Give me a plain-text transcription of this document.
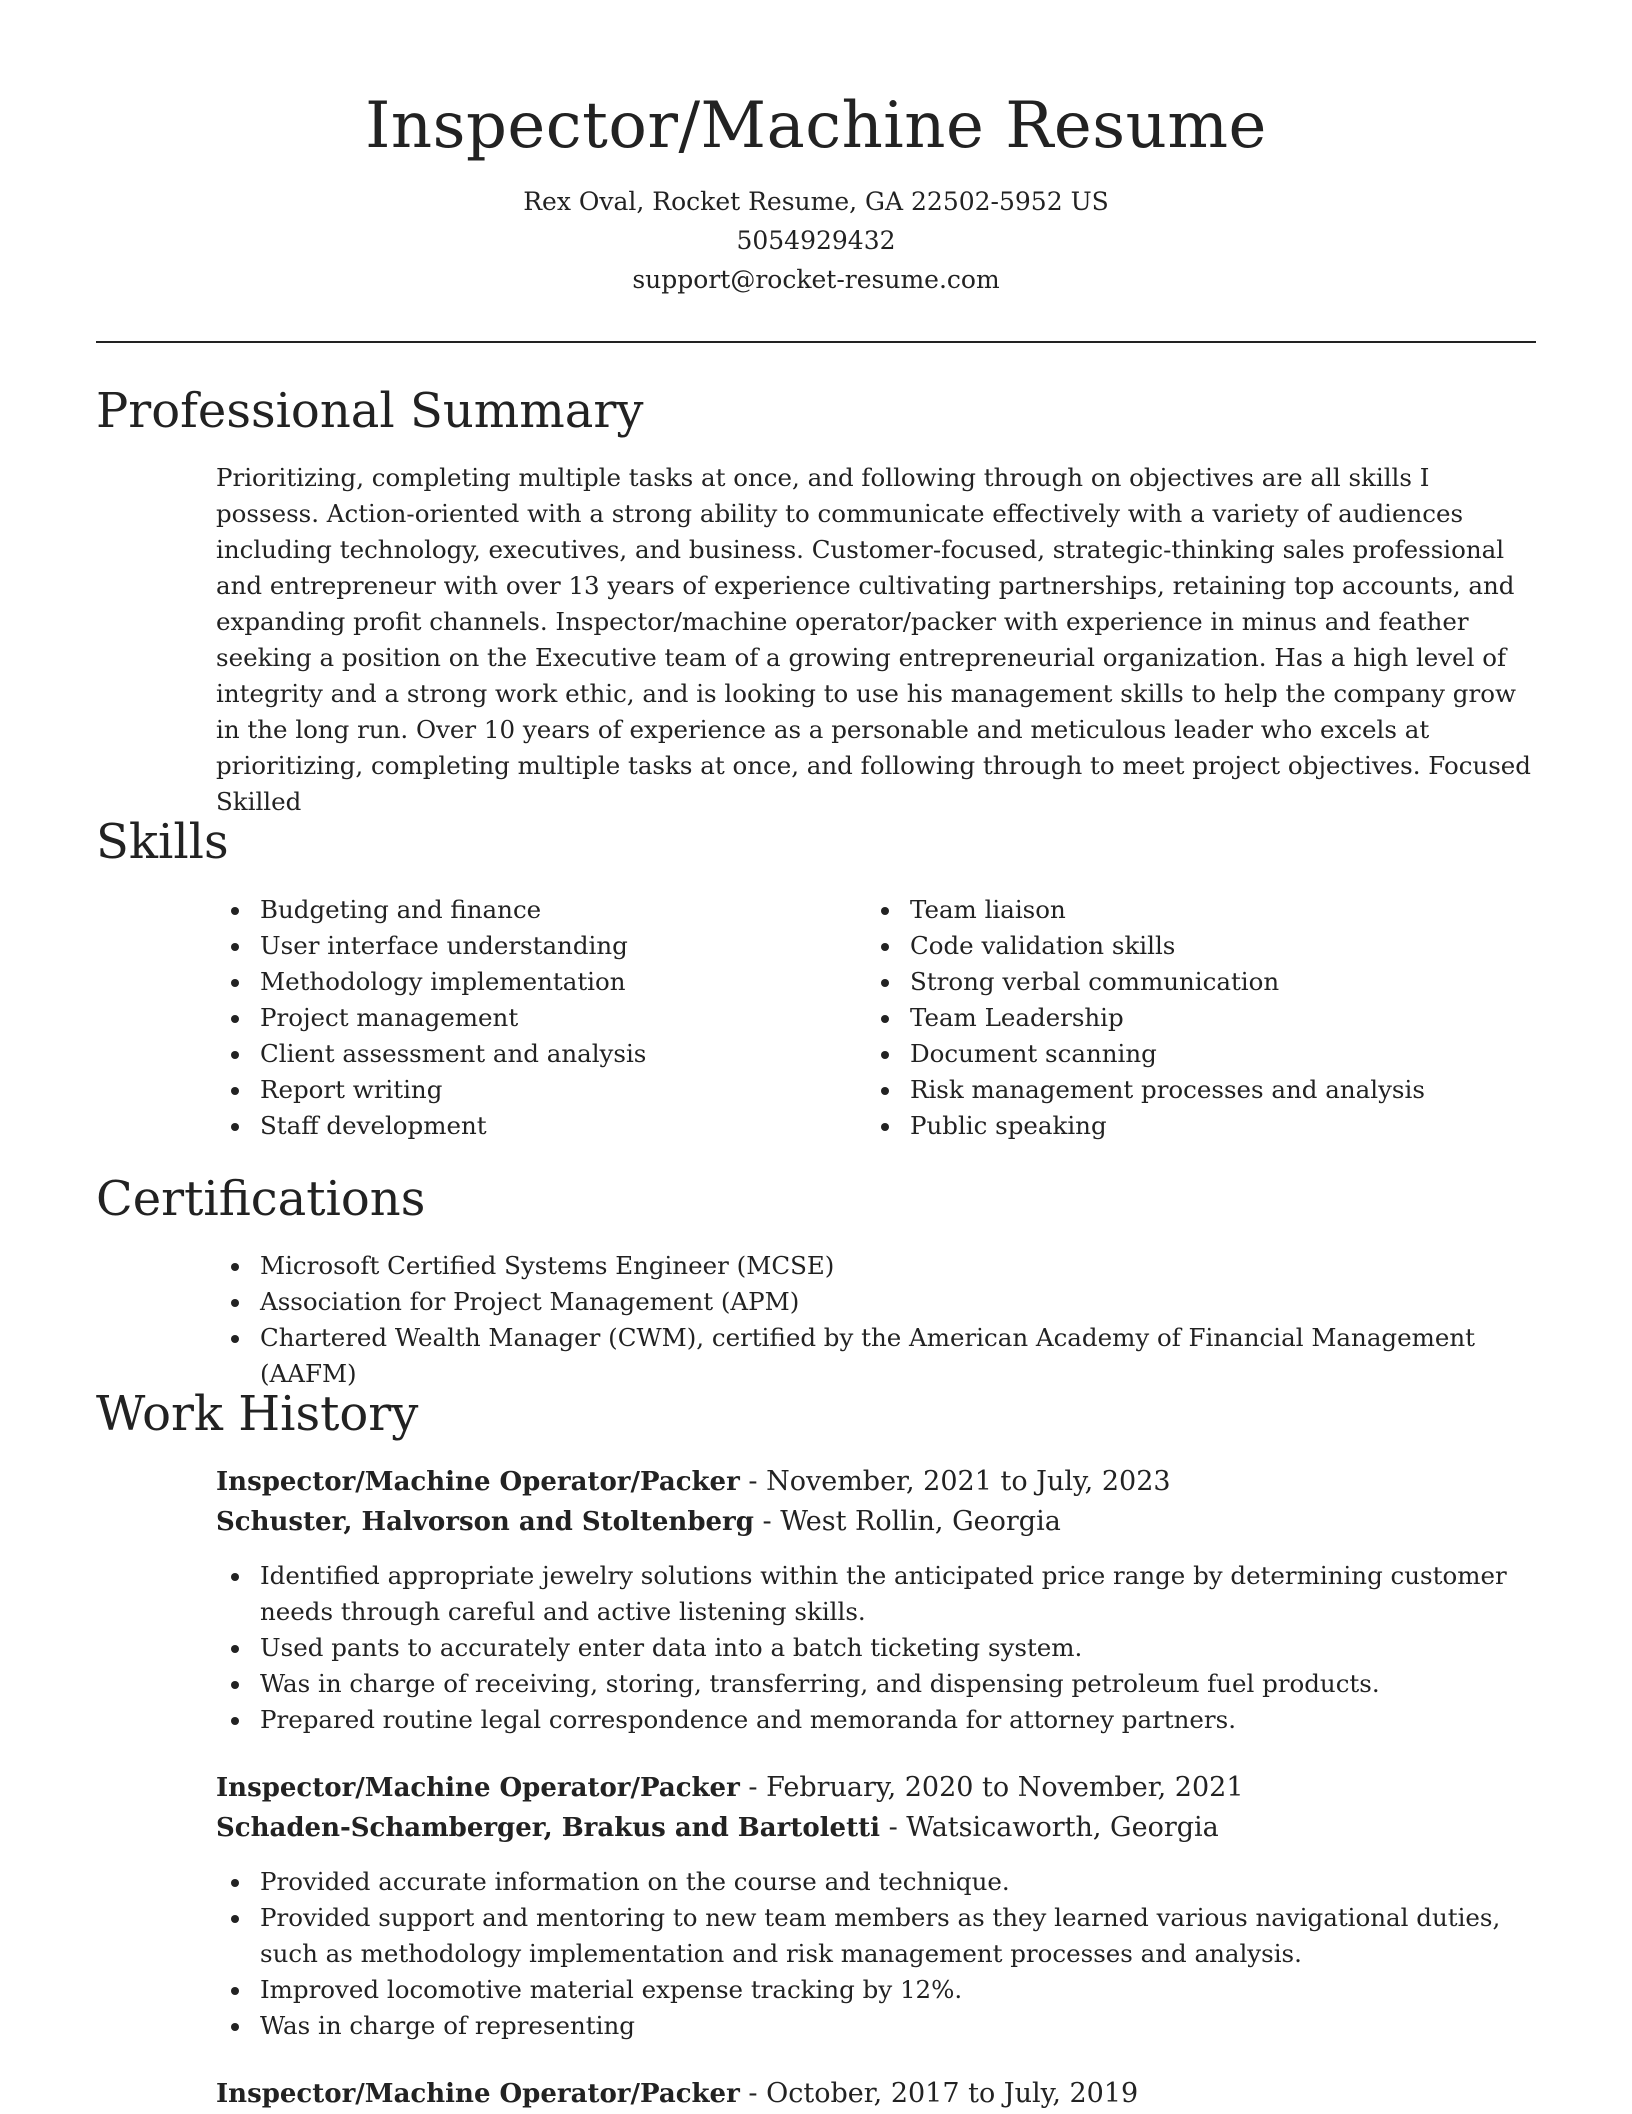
Inspector/Machine Resume
Rex Oval, Rocket Resume, GA 22502-5952 US
5054929432
support@rocket-resume.com
Professional Summary

Prioritizing, completing multiple tasks at once, and following through on objectives are all skills I possess. Action-oriented with a strong ability to communicate effectively with a variety of audiences including technology, executives, and business. Customer-focused, strategic-thinking sales professional and entrepreneur with over 13 years of experience cultivating partnerships, retaining top accounts, and expanding profit channels. Inspector/machine operator/packer with experience in minus and feather seeking a position on the Executive team of a growing entrepreneurial organization. Has a high level of integrity and a strong work ethic, and is looking to use his management skills to help the company grow in the long run. Over 10 years of experience as a personable and meticulous leader who excels at prioritizing, completing multiple tasks at once, and following through to meet project objectives. Focused Skilled

Skills
Budgeting and finance
User interface understanding
Methodology implementation
Project management
Client assessment and analysis
Report writing
Staff development
Team liaison
Code validation skills
Strong verbal communication
Team Leadership
Document scanning
Risk management processes and analysis
Public speaking
Certifications
Microsoft Certified Systems Engineer (MCSE)
Association for Project Management (APM)
Chartered Wealth Manager (CWM), certified by the American Academy of Financial Management (AAFM)
Work History
Inspector/Machine Operator/Packer - November, 2021 to July, 2023
Schuster, Halvorson and Stoltenberg - West Rollin, Georgia
Identified appropriate jewelry solutions within the anticipated price range by determining customer needs through careful and active listening skills.
Used pants to accurately enter data into a batch ticketing system.
Was in charge of receiving, storing, transferring, and dispensing petroleum fuel products.
Prepared routine legal correspondence and memoranda for attorney partners.
Inspector/Machine Operator/Packer - February, 2020 to November, 2021
Schaden-Schamberger, Brakus and Bartoletti - Watsicaworth, Georgia
Provided accurate information on the course and technique.
Provided support and mentoring to new team members as they learned various navigational duties, such as methodology implementation and risk management processes and analysis.
Improved locomotive material expense tracking by 12%.
Was in charge of representing
Inspector/Machine Operator/Packer - October, 2017 to July, 2019
